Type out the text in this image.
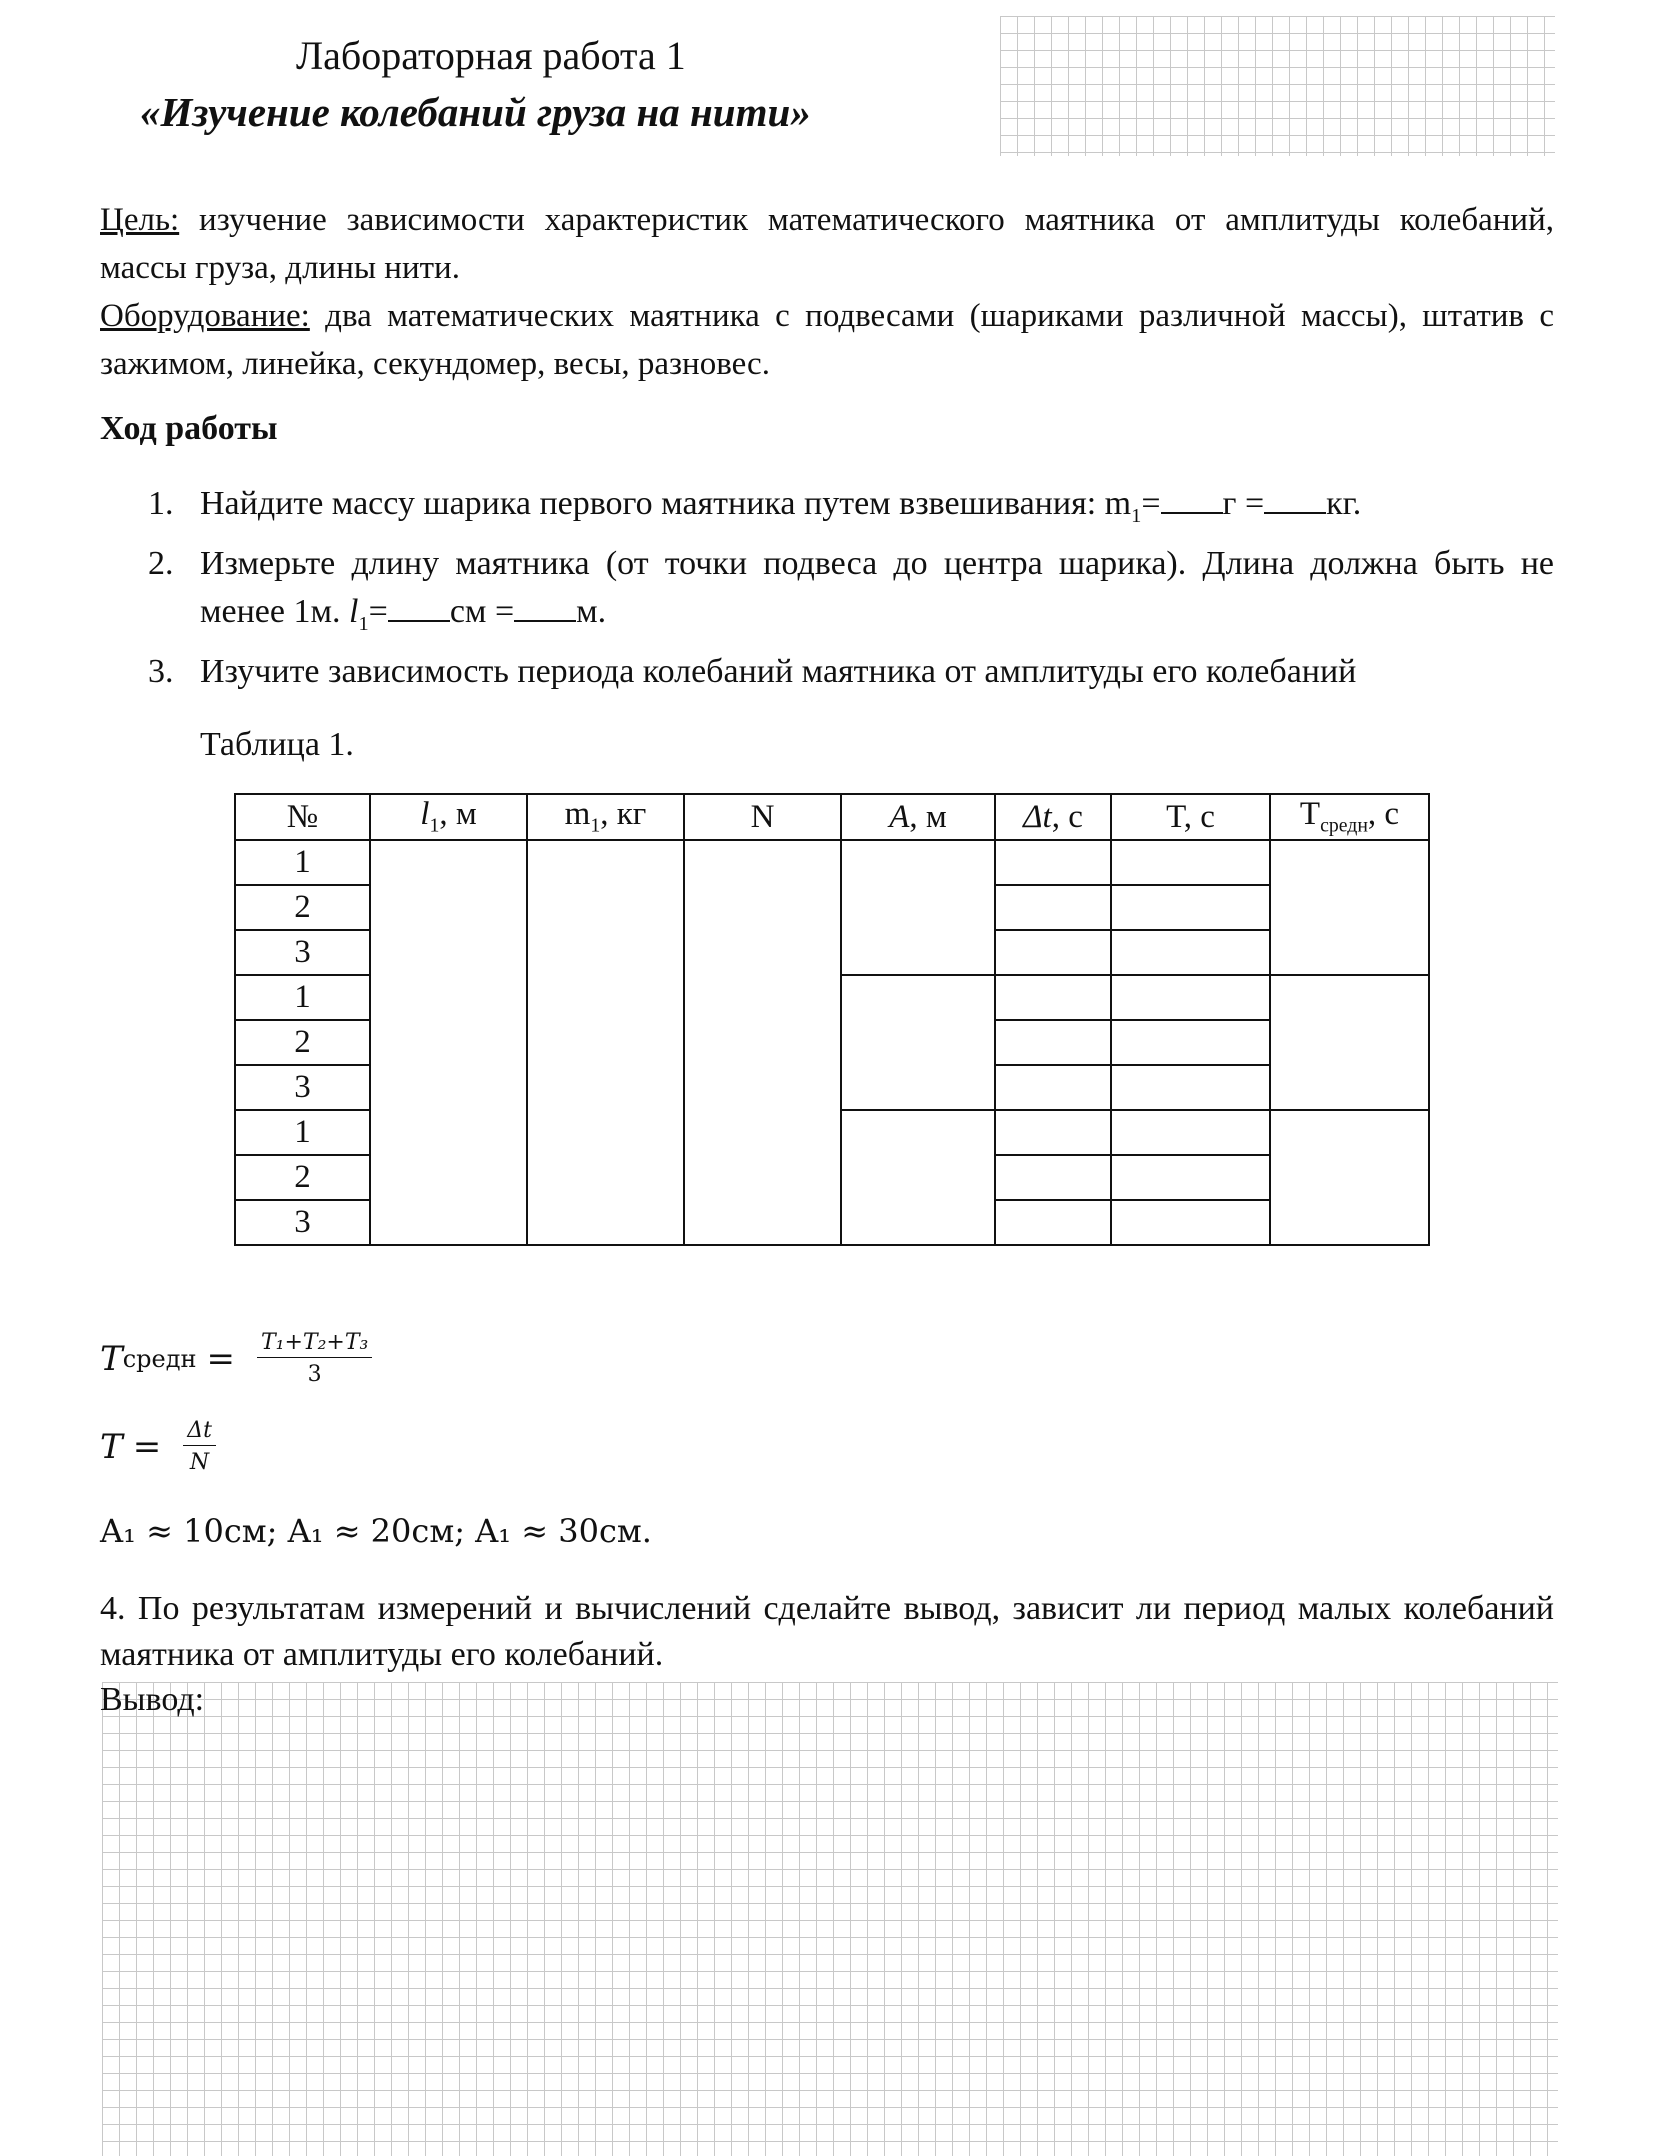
Лабораторная работа 1
«Изучение колебаний груза на нити»
Цель: изучение зависимости характеристик математического маятника от амплитуды колебаний, массы груза, длины нити.
Оборудование: два математических маятника с подвесами (шариками различной массы), штатив с зажимом, линейка, секундомер, весы, разновес.
Ход работы
1. Найдите массу шарика первого маятника путем взвешивания: $m_1= г$ = кг.
2. Измерьте длину маятника (от точки подвеса до центра шарика). Длина должна быть не менее 1м. $l_1=$ см = м.
3. Изучите зависимость периода колебаний маятника от амплитуды его колебаний
Таблица 1.
№	$l_1$, м	$m_1$, кг	N	A, м	Δt, с	T, с	$T_{средн}$, с
1							
2							
3							
1							
2							
3							
1							
2							
3							
T средн = $\frac{\text{T₁+T₂+T₃}}{3}$
$T = \frac{\Delta t}{N}$
A₁ ≈ 10см; A₁ ≈ 20см; A₁ ≈ 30см.
4. По результатам измерений и вычислений сделайте вывод, зависит ли период малых колебаний маятника от амплитуды его колебаний.
Вывод:
